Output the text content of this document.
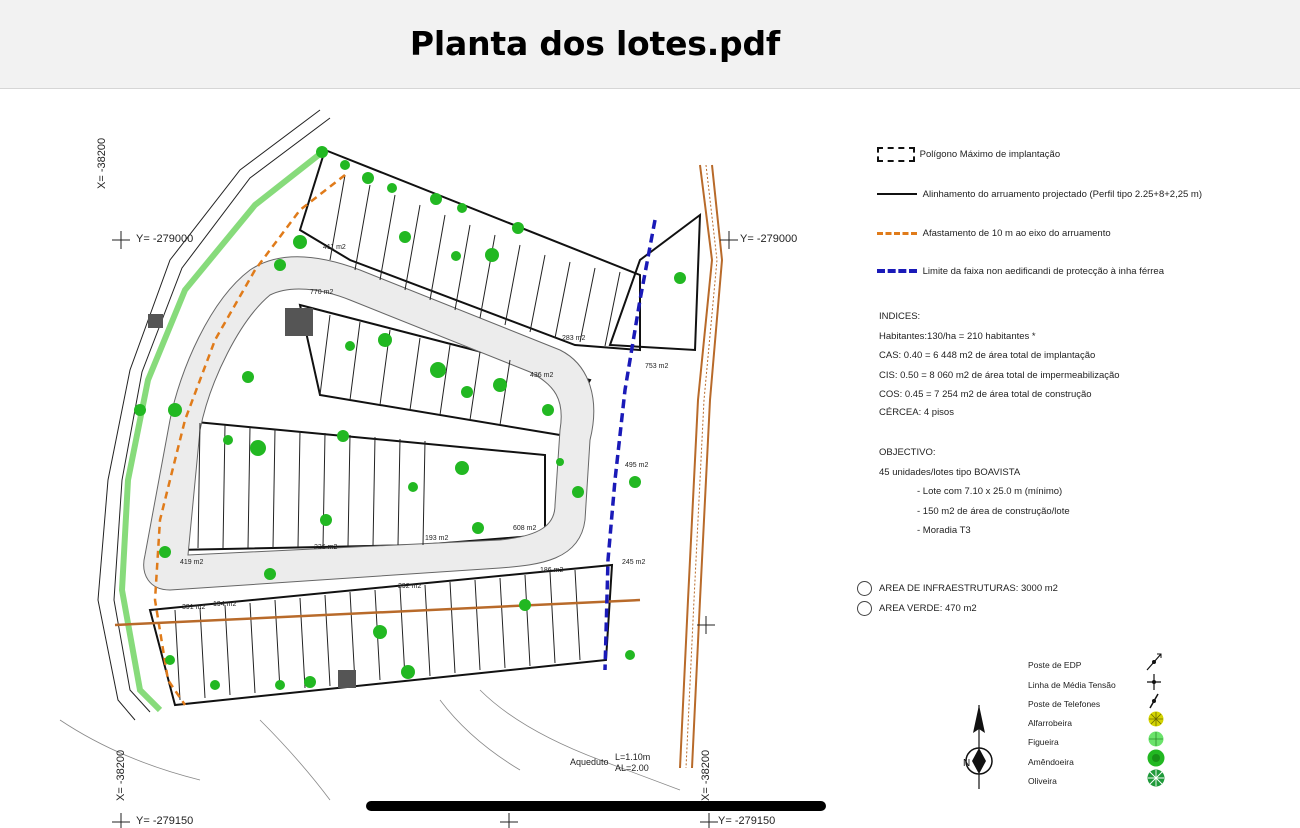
Planta dos lotes.pdf
X= -38200
Y= -279000	Y= -279000
X= -38200
Y= -279150
X= -38200
Y= -279150
411 m2
770 m2
236 m2
419 m2
391 m2 194 m2
608 m2
753 m2
245 m2
495 m2
436 m2
292 m2
283 m2
186 m2
193 m2
Aqueduto L=1.10m
AL=2.00
Polígono Máximo de implantação
Alinhamento do arruamento projectado (Perfil tipo 2.25+8+2,25 m)
Afastamento de 10 m ao eixo do arruamento
Limite da faixa non aedificandi de protecção à inha férrea
INDICES:
Habitantes:130/ha = 210 habitantes *
CAS: 0.40 = 6 448 m2 de área total de implantação
CIS: 0.50 = 8 060 m2 de área total de impermeabilização
COS: 0.45 = 7 254 m2 de área total de construção
CÉRCEA: 4 pisos
OBJECTIVO:
45 unidades/lotes tipo BOAVISTA
- Lote com 7.10 x 25.0 m (mínimo)
- 150 m2 de área de construção/lote
- Moradia T3
AREA DE INFRAESTRUTURAS: 3000 m2
AREA VERDE: 470 m2
Poste de EDP
Linha de Média Tensão
Poste de Telefones
Alfarrobeira
Figueira
Amêndoeira
Oliveira
N
